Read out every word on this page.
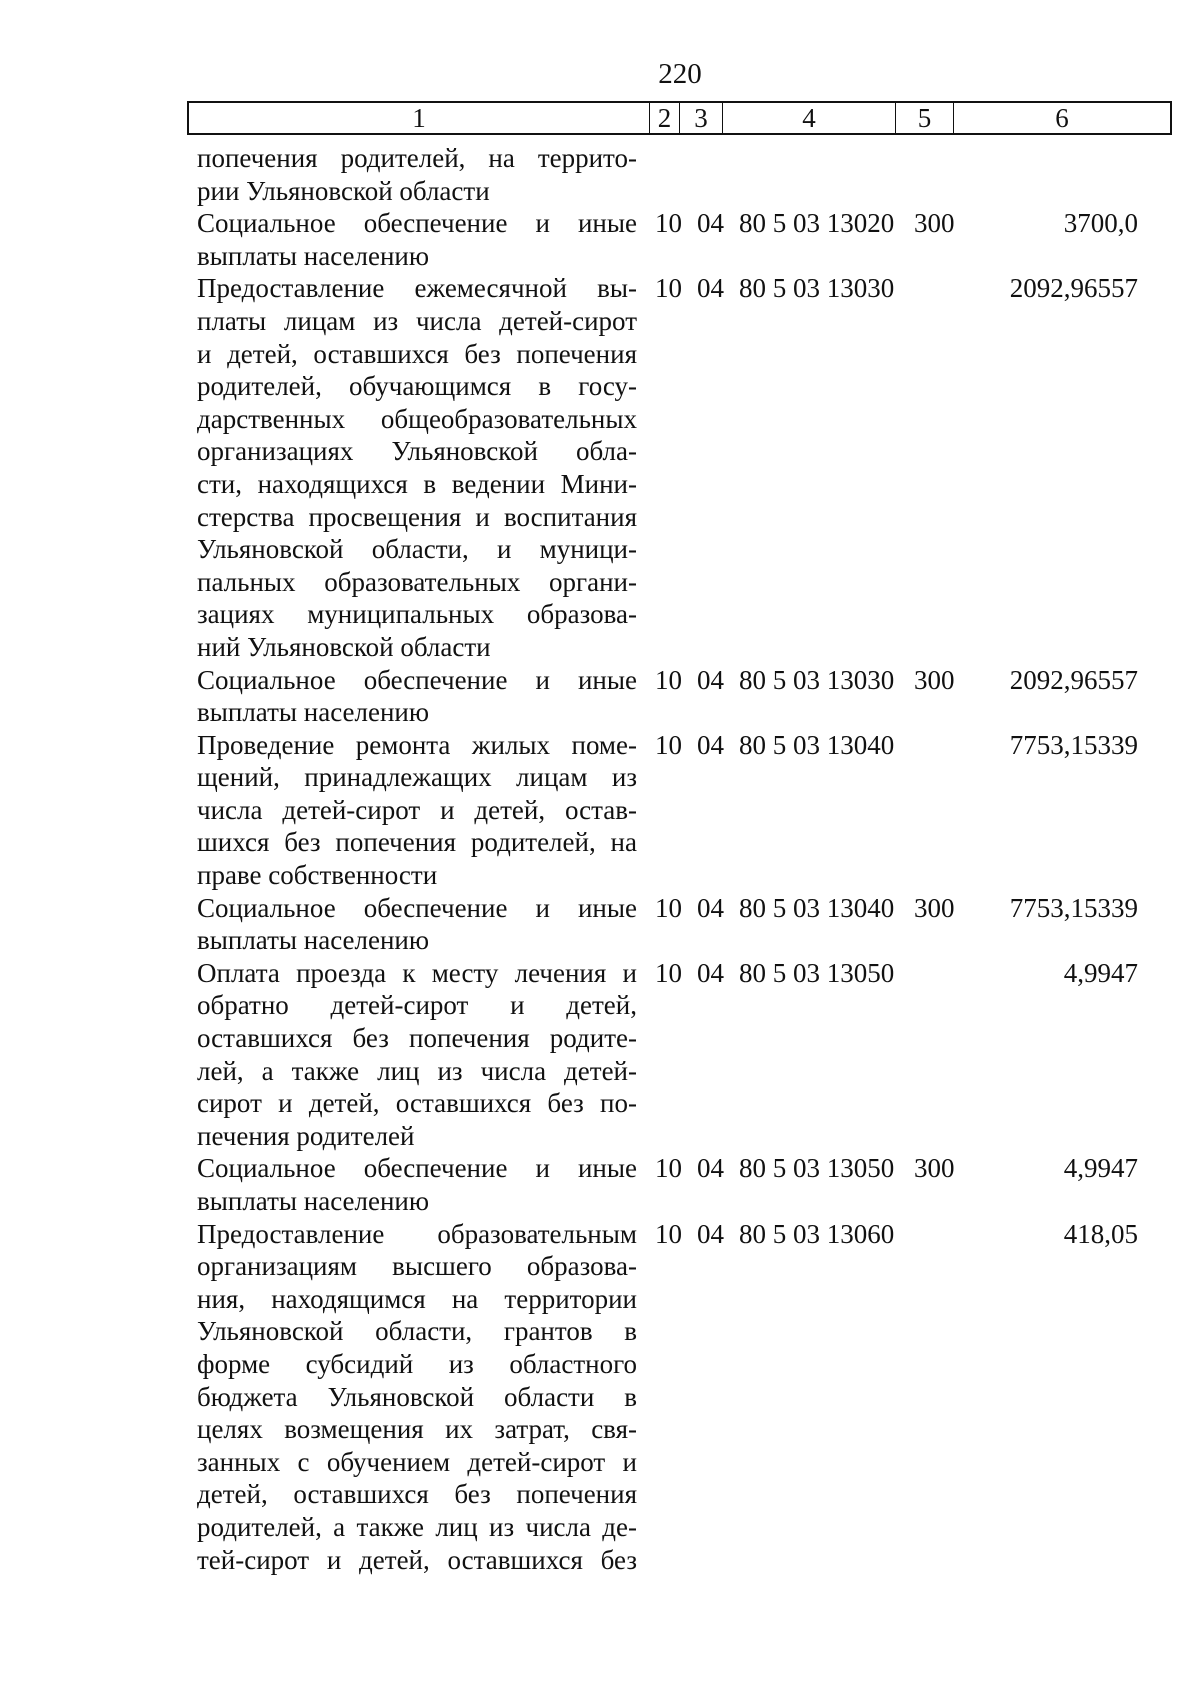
220
1	2 3	4	5	6
попечения родителей, на террито-
рии Ульяновской области
Социальное обеспечение и иные
выплаты населению
10 04 80 5 03 13020 300	3700,0
Предоставление ежемесячной вы-
платы лицам из числа детей-сирот
и детей, оставшихся без попечения
родителей, обучающимся в госу-
дарственных общеобразовательных
организациях Ульяновской обла-
сти, находящихся в ведении Мини-
стерства просвещения и воспитания
Ульяновской области, и муници-
пальных образовательных органи-
зациях муниципальных образова-
ний Ульяновской области
10 04 80 5 03 13030	2092,96557
Социальное обеспечение и иные
выплаты населению
10 04 80 5 03 13030 300	2092,96557
Проведение ремонта жилых поме-
щений, принадлежащих лицам из
числа детей-сирот и детей, остав-
шихся без попечения родителей, на
праве собственности
10 04 80 5 03 13040	7753,15339
Социальное обеспечение и иные
выплаты населению
10 04 80 5 03 13040 300	7753,15339
Оплата проезда к месту лечения и
обратно детей-сирот и детей,
оставшихся без попечения родите-
лей, а также лиц из числа детей-
сирот и детей, оставшихся без по-
печения родителей
10 04 80 5 03 13050	4,9947
Социальное обеспечение и иные
выплаты населению
10 04 80 5 03 13050 300	4,9947
Предоставление образовательным
организациям высшего образова-
ния, находящимся на территории
Ульяновской области, грантов в
форме субсидий из областного
бюджета Ульяновской области в
целях возмещения их затрат, свя-
занных с обучением детей-сирот и
детей, оставшихся без попечения
родителей, а также лиц из числа де-
тей-сирот и детей, оставшихся без
10 04 80 5 03 13060	418,05
